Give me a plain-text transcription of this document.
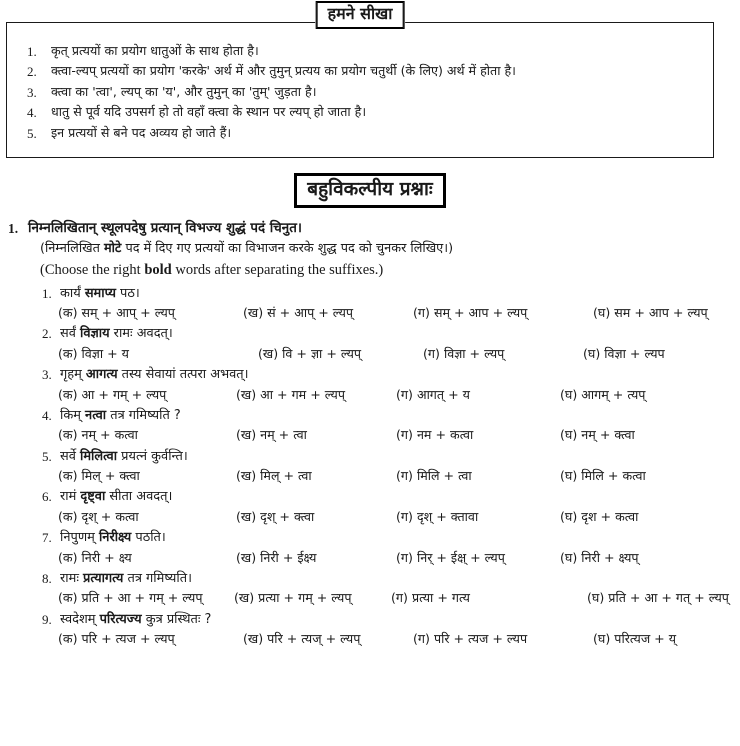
हमने सीखा
कृत् प्रत्ययों का प्रयोग धातुओं के साथ होता है।
क्त्वा-ल्यप् प्रत्ययों का प्रयोग 'करके' अर्थ में और तुमुन् प्रत्यय का प्रयोग चतुर्थी (के लिए) अर्थ में होता है।
क्त्वा का 'त्वा', ल्यप् का 'य', और तुमुन् का 'तुम्' जुड़ता है।
धातु से पूर्व यदि उपसर्ग हो तो वहाँ क्त्वा के स्थान पर ल्यप् हो जाता है।
इन प्रत्ययों से बने पद अव्यय हो जाते हैं।
बहुविकल्पीय प्रश्नाः
1. निम्नलिखितान् स्थूलपदेषु प्रत्यान् विभज्य शुद्धं पदं चिनुत।
(निम्नलिखित मोटे पद में दिए गए प्रत्ययों का विभाजन करके शुद्ध पद को चुनकर लिखिए।)
(Choose the right bold words after separating the suffixes.)
1. कार्यं समाप्य पठ।
(क) सम् + आप् + ल्यप्	(ख) सं + आप् + ल्यप्	(ग) सम् + आप + ल्यप्	(घ) सम + आप + ल्यप्
2. सर्वं विज्ञाय रामः अवदत्।
(क) विज्ञा + य	(ख) वि + ज्ञा + ल्यप्	(ग) विज्ञा + ल्यप्	(घ) विज्ञा + ल्यप
3. गृहम् आगत्य तस्य सेवायां तत्परा अभवत्।
(क) आ + गम् + ल्यप्	(ख) आ + गम + ल्यप्	(ग) आगत् + य	(घ) आगम् + त्यप्
4. किम् नत्वा तत्र गमिष्यति ?
(क) नम् + कत्वा	(ख) नम् + त्वा	(ग) नम + कत्वा	(घ) नम् + क्त्वा
5. सर्वे मिलित्वा प्रयत्नं कुर्वन्ति।
(क) मिल् + क्त्वा	(ख) मिल् + त्वा	(ग) मिलि + त्वा	(घ) मिलि + कत्वा
6. रामं दृष्ट्वा सीता अवदत्।
(क) दृश् + कत्वा	(ख) दृश् + क्त्वा	(ग) दृश् + क्तावा	(घ) दृश + कत्वा
7. निपुणम् निरीक्ष्य पठति।
(क) निरी + क्ष्य	(ख) निरी + ईक्ष्य	(ग) निर् + ईक्ष् + ल्यप्	(घ) निरी + क्ष्यप्
8. रामः प्रत्यागत्य तत्र गमिष्यति।
(क) प्रति + आ + गम् + ल्यप्	(ख) प्रत्या + गम् + ल्यप्	(ग) प्रत्या + गत्य	(घ) प्रति + आ + गत् + ल्यप्
9. स्वदेशम् परित्यज्य कुत्र प्रस्थितः ?
(क) परि + त्यज + ल्यप्	(ख) परि + त्यज् + ल्यप्	(ग) परि + त्यज + ल्यप	(घ) परित्यज + य्
